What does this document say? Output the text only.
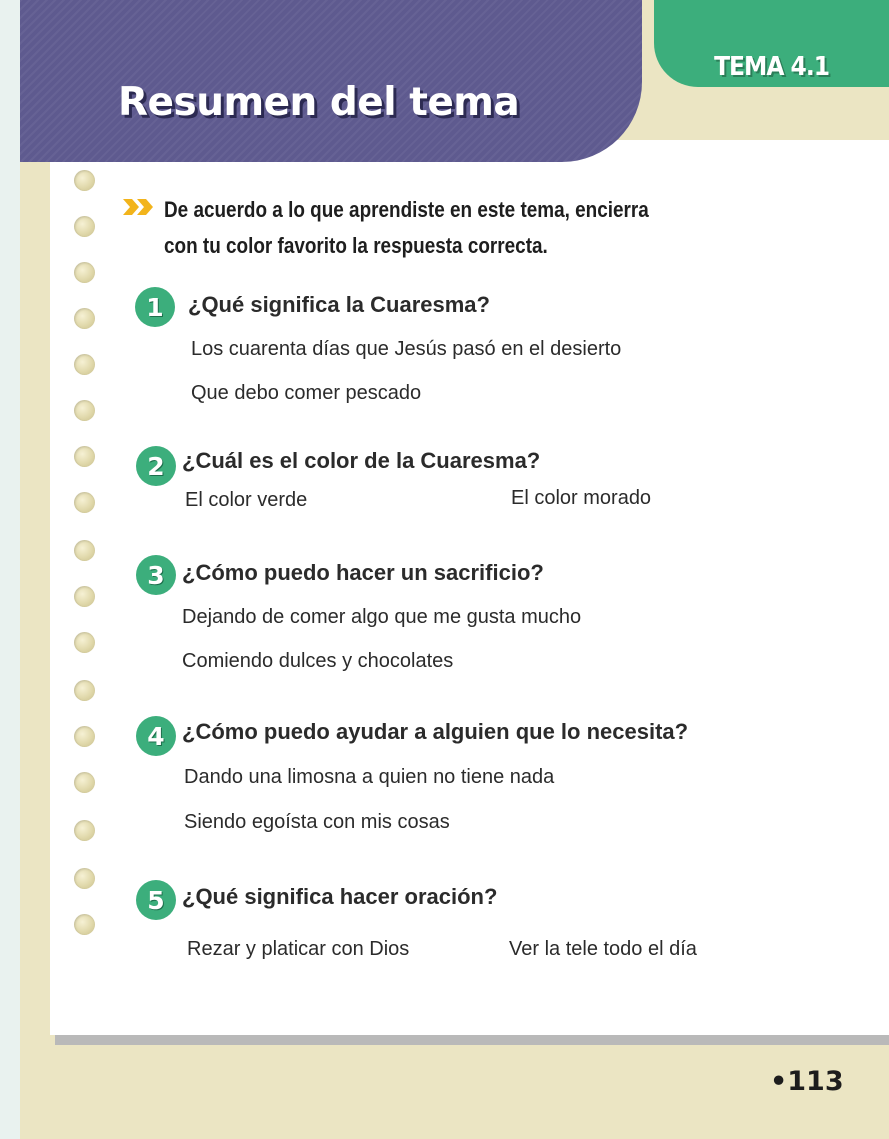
Resumen del tema
TEMA 4.1
De acuerdo a lo que aprendiste en este tema, encierra con tu color favorito la respuesta correcta.
1	¿Qué significa la Cuaresma?
Los cuarenta días que Jesús pasó en el desierto
Que debo comer pescado
2 ¿Cuál es el color de la Cuaresma?
El color verde	El color morado
3 ¿Cómo puedo hacer un sacrificio?
Dejando de comer algo que me gusta mucho
Comiendo dulces y chocolates
4 ¿Cómo puedo ayudar a alguien que lo necesita?
Dando una limosna a quien no tiene nada
Siendo egoísta con mis cosas
5 ¿Qué significa hacer oración?
Rezar y platicar con Dios	Ver la tele todo el día
•113
